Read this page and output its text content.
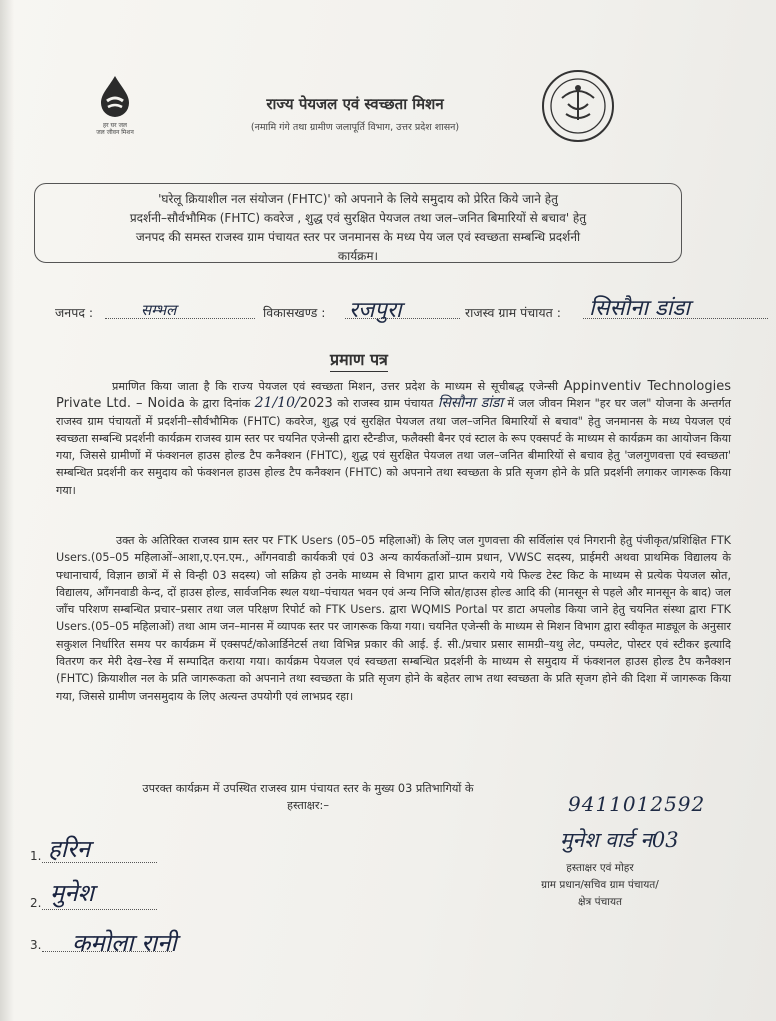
हर घर जल
जल जीवन मिशन
राज्य पेयजल एवं स्वच्छता मिशन
(नमामि गंगे तथा ग्रामीण जलापूर्ति विभाग, उत्तर प्रदेश शासन)
'घरेलू क्रियाशील नल संयोजन (FHTC)' को अपनाने के लिये समुदाय को प्रेरित किये जाने हेतु
प्रदर्शनी–सौर्वभौमिक (FHTC) कवरेज , शुद्ध एवं सुरक्षित पेयजल तथा जल–जनित बिमारियों से बचाव' हेतु
जनपद की समस्त राजस्व ग्राम पंचायत स्तर पर जनमानस के मध्य पेय जल एवं स्वच्छता सम्बन्धि प्रदर्शनी
कार्यक्रम।
जनपद :	सम्भल	विकासखण्ड : रजपुरा	राजस्व ग्राम पंचायत : सिसौना डांडा
प्रमाण पत्र

प्रमाणित किया जाता है कि राज्य पेयजल एवं स्वच्छता मिशन, उत्तर प्रदेश के माध्यम से सूचीबद्ध एजेन्सी Appinventiv Technologies Private Ltd. – Noida के द्वारा दिनांक 21/10/2023 को राजस्व ग्राम पंचायत सिसौना डांडा में जल जीवन मिशन "हर घर जल" योजना के अन्तर्गत राजस्व ग्राम पंचायतों में प्रदर्शनी–सौर्वभौमिक (FHTC) कवरेज, शुद्ध एवं सुरक्षित पेयजल तथा जल–जनित बिमारियों से बचाव" हेतु जनमानस के मध्य पेयजल एवं स्वच्छता सम्बन्धि प्रदर्शनी कार्यक्रम राजस्व ग्राम स्तर पर चयनित एजेन्सी द्वारा स्टैन्डीज, फलैक्सी बैनर एवं स्टाल के रूप एक्सपर्ट के माध्यम से कार्यक्रम का आयोजन किया गया, जिससे ग्रामीणों में फंक्शनल हाउस होल्ड टैप कनैक्शन (FHTC), शुद्ध एवं सुरक्षित पेयजल तथा जल–जनित बीमारियों से बचाव हेतु 'जलगुणवत्ता एवं स्वच्छता' सम्बन्धित प्रदर्शनी कर समुदाय को फंक्शनल हाउस होल्ड टैप कनैक्शन (FHTC) को अपनाने तथा स्वच्छता के प्रति सृजग होने के प्रति प्रदर्शनी लगाकर जागरूक किया गया।

उक्त के अतिरिक्त राजस्व ग्राम स्तर पर FTK Users (05–05 महिलाओं) के लिए जल गुणवत्ता की सर्विलांस एवं निगरानी हेतु पंजीकृत/प्रशिक्षित FTK Users.(05–05 महिलाओं–आशा,ए.एन.एम., आँगनवाडी कार्यकत्री एवं 03 अन्य कार्यकर्ताओं–ग्राम प्रधान, VWSC सदस्य, प्राईमरी अथवा प्राथमिक विद्यालय के फ्धानाचार्य, विज्ञान छात्रों में से विन्ही 03 सदस्य) जो सक्रिय हो उनके माध्यम से विभाग द्वारा प्राप्त कराये गये फिल्ड टेस्ट किट के माध्यम से प्रत्येक पेयजल स्रोत, विद्यालय, आँगनवाडी केन्द, दों हाउस होल्ड, सार्वजनिक स्थल यथा–पंचायत भवन एवं अन्य निजि स्रोत/हाउस होल्ड आदि की (मानसून से पहले और मानसून के बाद) जल जाँच परिशण सम्बन्धित प्रचार–प्रसार तथा जल परिक्षण रिपोर्ट को FTK Users. द्वारा WQMIS Portal पर डाटा अपलोड किया जाने हेतु चयनित संस्था द्वारा FTK Users.(05–05 महिलाओं) तथा आम जन–मानस में व्यापक स्तर पर जागरूक किया गया। चयनित एजेन्सी के माध्यम से मिशन विभाग द्वारा स्वीकृत माड्यूल के अनुसार सकुशल निर्धारित समय पर कार्यक्रम में एक्सपर्ट/कोआर्डिनेटर्स तथा विभिन्न प्रकार की आई. ई. सी./प्रचार प्रसार सामग्री–यथु लेट, पम्पलेट, पोस्टर एवं स्टीकर इत्यादि वितरण कर मेरी देख–रेख में सम्पादित कराया गया। कार्यक्रम पेयजल एवं स्वच्छता सम्बन्धित प्रदर्शनी के माध्यम से समुदाय में फंक्शनल हाउस होल्ड टैप कनैक्शन (FHTC) क्रियाशील नल के प्रति जागरूकता को अपनाने तथा स्वच्छता के प्रति सृजग होने के बहेतर लाभ तथा स्वच्छता के प्रति सृजग होने की दिशा में जागरूक किया गया, जिससे ग्रामीण जनसमुदाय के लिए अत्यन्त उपयोगी एवं लाभप्रद रहा।

उपरक्त कार्यक्रम में उपस्थित राजस्व ग्राम पंचायत स्तर के मुख्य 03 प्रतिभागियों के
हस्ताक्षर:–	9411012592
मुनेश वार्ड न03
हस्ताक्षर एवं मोहर
ग्राम प्रधान/सचिव ग्राम पंचायत/
क्षेत्र पंचायत
1. हरिन
2. मुनेश
3. कमोला रानी
